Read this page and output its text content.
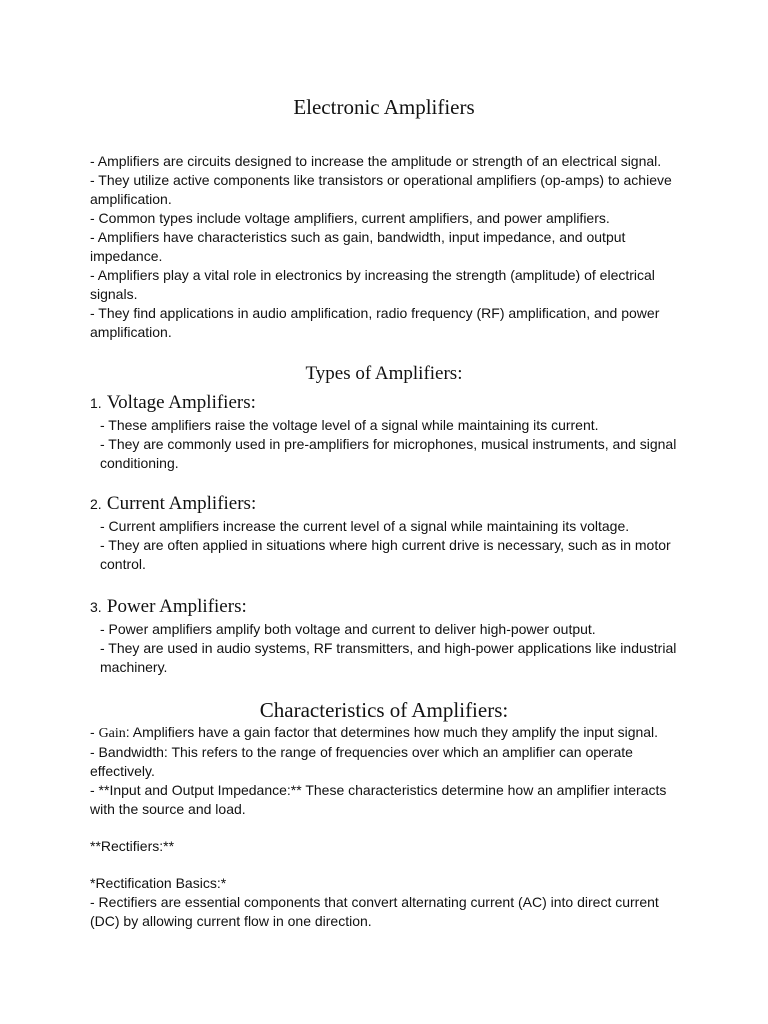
Electronic Amplifiers

- Amplifiers are circuits designed to increase the amplitude or strength of an electrical signal.

- They utilize active components like transistors or operational amplifiers (op-amps) to achieve amplification.

- Common types include voltage amplifiers, current amplifiers, and power amplifiers.

- Amplifiers have characteristics such as gain, bandwidth, input impedance, and output impedance.

- Amplifiers play a vital role in electronics by increasing the strength (amplitude) of electrical signals.

- They find applications in audio amplification, radio frequency (RF) amplification, and power amplification.

Types of Amplifiers:
1. Voltage Amplifiers:

- These amplifiers raise the voltage level of a signal while maintaining its current.

- They are commonly used in pre-amplifiers for microphones, musical instruments, and signal conditioning.

2. Current Amplifiers:

- Current amplifiers increase the current level of a signal while maintaining its voltage.

- They are often applied in situations where high current drive is necessary, such as in motor control.

3. Power Amplifiers:

- Power amplifiers amplify both voltage and current to deliver high-power output.

- They are used in audio systems, RF transmitters, and high-power applications like industrial machinery.

Characteristics of Amplifiers:

- Gain: Amplifiers have a gain factor that determines how much they amplify the input signal.

- Bandwidth: This refers to the range of frequencies over which an amplifier can operate effectively.

- **Input and Output Impedance:** These characteristics determine how an amplifier interacts with the source and load.

**Rectifiers:**

*Rectification Basics:*

- Rectifiers are essential components that convert alternating current (AC) into direct current (DC) by allowing current flow in one direction.
